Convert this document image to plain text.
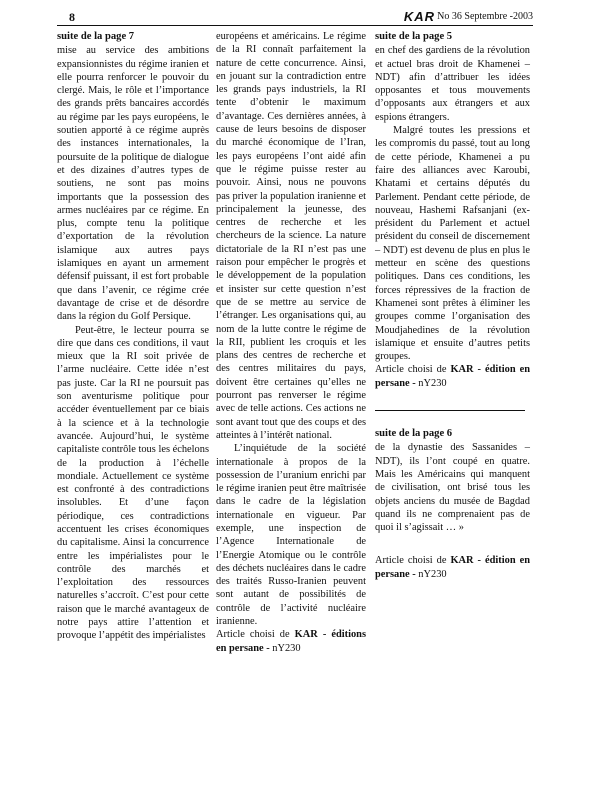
8	KAR No 36 Septembre -2003
suite de la page 7

mise au service des ambitions expansionnistes du régime iranien et elle pourra renforcer le pouvoir du clergé. Mais, le rôle et l’importance des grands prêts bancaires accordés au régime par les pays européens, le soutien apporté à ce régime auprès des instances internationales, la poursuite de la politique de dialogue et des dizaines d’autres types de soutiens, ne sont pas moins importants que la possession des armes nucléaires par ce régime. En plus, compte tenu la politique d’exportation de la révolution islamique aux autres pays islamiques en ayant un armement défensif puissant, il est fort probable que dans l’avenir, ce régime crée davantage de crise et de désordre dans la région du Golf Persique.

Peut-être, le lecteur pourra se dire que dans ces conditions, il vaut mieux que la RI soit privée de l’arme nucléaire. Cette idée n’est pas juste. Car la RI ne poursuit pas son aventurisme politique pour accéder éventuellement par ce biais à la science et à la technologie avancée. Aujourd’hui, le système capitaliste contrôle tous les échelons de la production à l’échelle mondiale. Actuellement ce système est confronté à des contradictions insolubles. Et d’une façon périodique, ces contradictions accentuent les crises économiques du capitalisme. Ainsi la concurrence entre les impérialistes pour le contrôle des marchés et l’exploitation des ressources naturelles s’accroît. C’est pour cette raison que le marché avantageux de notre pays attire l’attention et provoque l’appétit des impérialistes

européens et américains. Le régime de la RI connaît parfaitement la nature de cette concurrence. Ainsi, en jouant sur la contradiction entre les grands pays industriels, la RI tente d’obtenir le maximum d’avantage. Ces dernières années, à cause de leurs besoins de disposer du marché économique de l’Iran, les pays européens l’ont aidé afin que le régime puisse rester au pouvoir. Ainsi, nous ne pouvons pas priver la population iranienne et principalement la jeunesse, des centres de recherche et les chercheurs de la science. La nature dictatoriale de la RI n’est pas une raison pour empêcher le progrès et le développement de la population et insister sur cette question n’est que de se mettre au service de l’étranger. Les organisations qui, au nom de la lutte contre le régime de la RII, publient les croquis et les plans des centres de recherche et des centres militaires du pays, doivent être certaines qu’elles ne pourront pas renverser le régime avec de telle actions. Ces actions ne sont avant tout que des coups et des atteintes à l’intérêt national.

L’inquiétude de la société internationale à propos de la possession de l’uranium enrichi par le régime iranien peut être maîtrisée dans le cadre de la législation internationale en vigueur. Par exemple, une inspection de l’Agence Internationale de l’Energie Atomique ou le contrôle des déchets nucléaires dans le cadre des traités Russo-Iranien peuvent sont autant de possibilités de contrôle de l’activité nucléaire iranienne.

Article choisi de KAR - éditions en persane - nY230

suite de la page 5

en chef des gardiens de la révolution et actuel bras droit de Khamenei – NDT) afin d’attribuer les idées opposantes et tous mouvements d’opposants aux étrangers et aux espions étrangers.

Malgré toutes les pressions et les compromis du passé, tout au long de cette période, Khamenei a pu faire des alliances avec Karoubi, Khatami et certains députés du Parlement. Pendant cette période, de nouveau, Hashemi Rafsanjani (ex-président du Parlement et actuel président du conseil de discernement – NDT) est devenu de plus en plus le metteur en scène des questions politiques. Dans ces conditions, les forces répressives de la fraction de Khamenei sont prêtes à éliminer les groupes comme l’organisation des Moudjahedines de la révolution islamique et ensuite d’autres petits groupes.

Article choisi de KAR - édition en persane - nY230

suite de la page 6

de la dynastie des Sassanides – NDT), ils l’ont coupé en quatre. Mais les Américains qui manquent de civilisation, ont brisé tous les objets anciens du musée de Bagdad quand ils ne comprenaient pas de quoi il s’agissait … »

Article choisi de KAR - édition en persane - nY230
